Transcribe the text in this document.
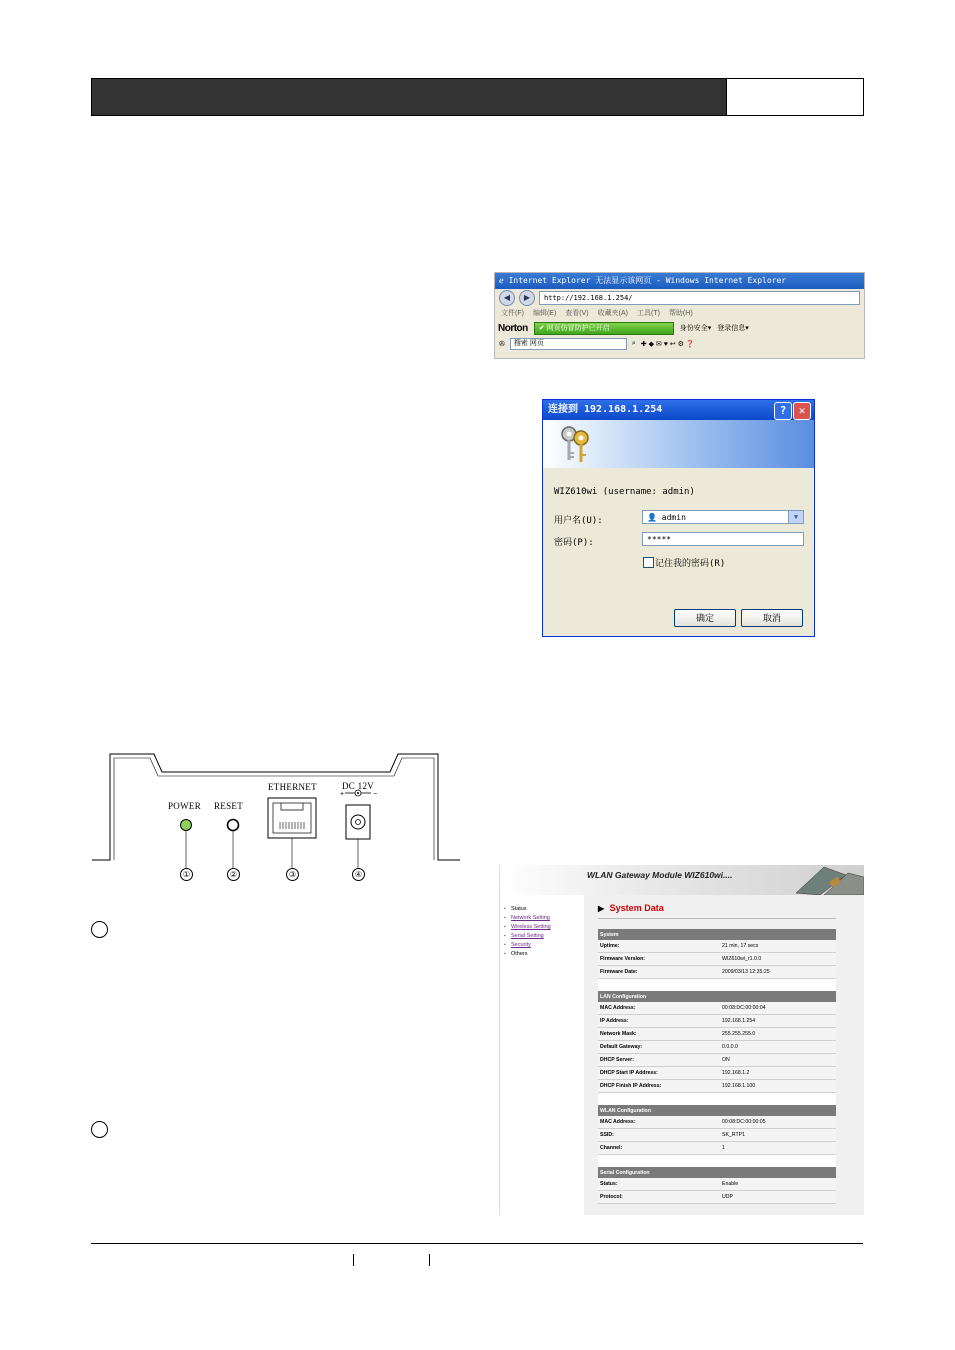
ℯ Internet Explorer 无法显示该网页 - Windows Internet Explorer
◀	▶	http://192.168.1.254/
文件(F) 编辑(E) 查看(V) 收藏夹(A) 工具(T) 帮助(H)
Norton	✔ 网页仿冒防护已开启	身份安全▾ 登录信息▾
✇	搜索 网页	⌕ ✚ ◆ ✉ ♥ ↩ ⚙ ❓
连接到 192.168.1.254	?	✕
WIZ610wi (username: admin)
用户名(U):	👤 admin	▼
密码(P):	*****
记住我的密码(R)
确定	取消
+	−
POWER RESET
ETHERNET	DC 12V
①	②	③	④	WLAN Gateway Module WIZ610wi....
▪ Status
▪ Network Setting
▪ Wireless Setting
▪ Serial Setting
▪ Security
▪ Others
▶ System Data
System	
Uptime:	21 min, 17 secs
Firmware Version:	WIZ610wi_r1.0.0
Firmware Date:	2009/03/13 12:35:25

LAN Configuration	
MAC Address:	00:08:DC:00:00:04
IP Address:	192.168.1.254
Network Mask:	255.255.255.0
Default Gateway:	0.0.0.0
DHCP Server:	ON
DHCP Start IP Address:	192.168.1.2
DHCP Finish IP Address:	192.168.1.100

WLAN Configuration	
MAC Address:	00:08:DC:00:00:05
SSID:	SK_RTP1
Channel:	1

Serial Configuration	
Status:	Enable
Protocol:	UDP
